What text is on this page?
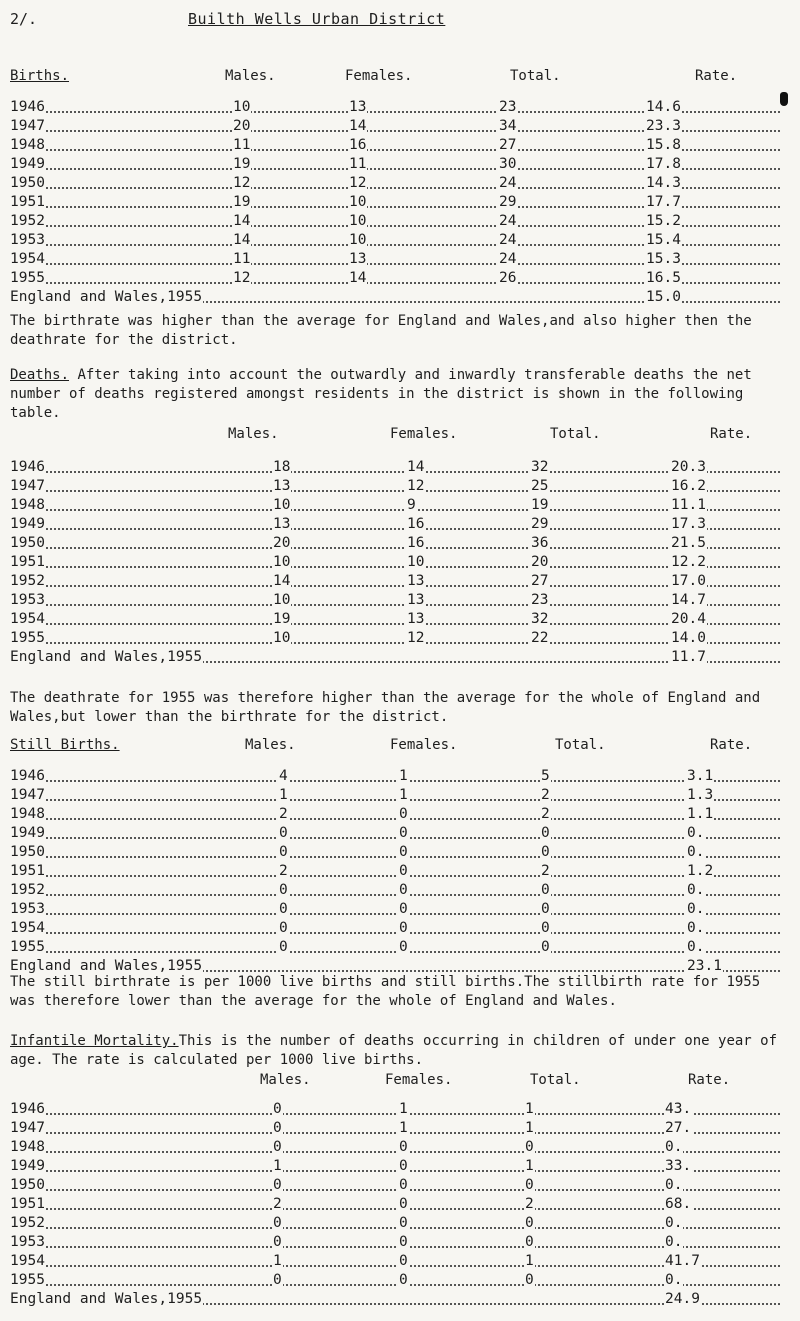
2/.	Builth Wells Urban District
Births.	Males.	Females.	Total.	Rate.
1946	10	13	23	14.6
1947	20	14	34	23.3
1948	11	16	27	15.8
1949	19	11	30	17.8
1950	12	12	24	14.3
1951	19	10	29	17.7
1952	14	10	24	15.2
1953	14	10	24	15.4
1954	11	13	24	15.3
1955	12	14	26	16.5
England and Wales,1955	15.0
The birthrate was higher than the average for England and Wales,and also higher then the deathrate for the district.
Deaths. After taking into account the outwardly and inwardly transferable deaths the net number of deaths registered amongst residents in the district is shown in the following table.
Males.	Females.	Total.	Rate.
1946	18	14	32	20.3
1947	13	12	25	16.2
1948	10	9	19	11.1
1949	13	16	29	17.3
1950	20	16	36	21.5
1951	10	10	20	12.2
1952	14	13	27	17.0
1953	10	13	23	14.7
1954	19	13	32	20.4
1955	10	12	22	14.0
England and Wales,1955	11.7
The deathrate for 1955 was therefore higher than the average for the whole of England and Wales,but lower than the birthrate for the district.
Still Births.	Males.	Females.	Total.	Rate.
1946	4	1	5	3.1
1947	1	1	2	1.3
1948	2	0	2	1.1
1949	0	0	0	0.
1950	0	0	0	0.
1951	2	0	2	1.2
1952	0	0	0	0.
1953	0	0	0	0.
1954	0	0	0	0.
1955	0	0	0	0.
England and Wales,1955	23.1
The still birthrate is per 1000 live births and still births.The stillbirth rate for 1955 was therefore lower than the average for the whole of England and Wales.
Infantile Mortality.This is the number of deaths occurring in children of under one year of age. The rate is calculated per 1000 live births.
Males.	Females.	Total.	Rate.
1946	0	1	1	43.
1947	0	1	1	27.
1948	0	0	0	0.
1949	1	0	1	33.
1950	0	0	0	0.
1951	2	0	2	68.
1952	0	0	0	0.
1953	0	0	0	0.
1954	1	0	1	41.7
1955	0	0	0	0.
England and Wales,1955	24.9
